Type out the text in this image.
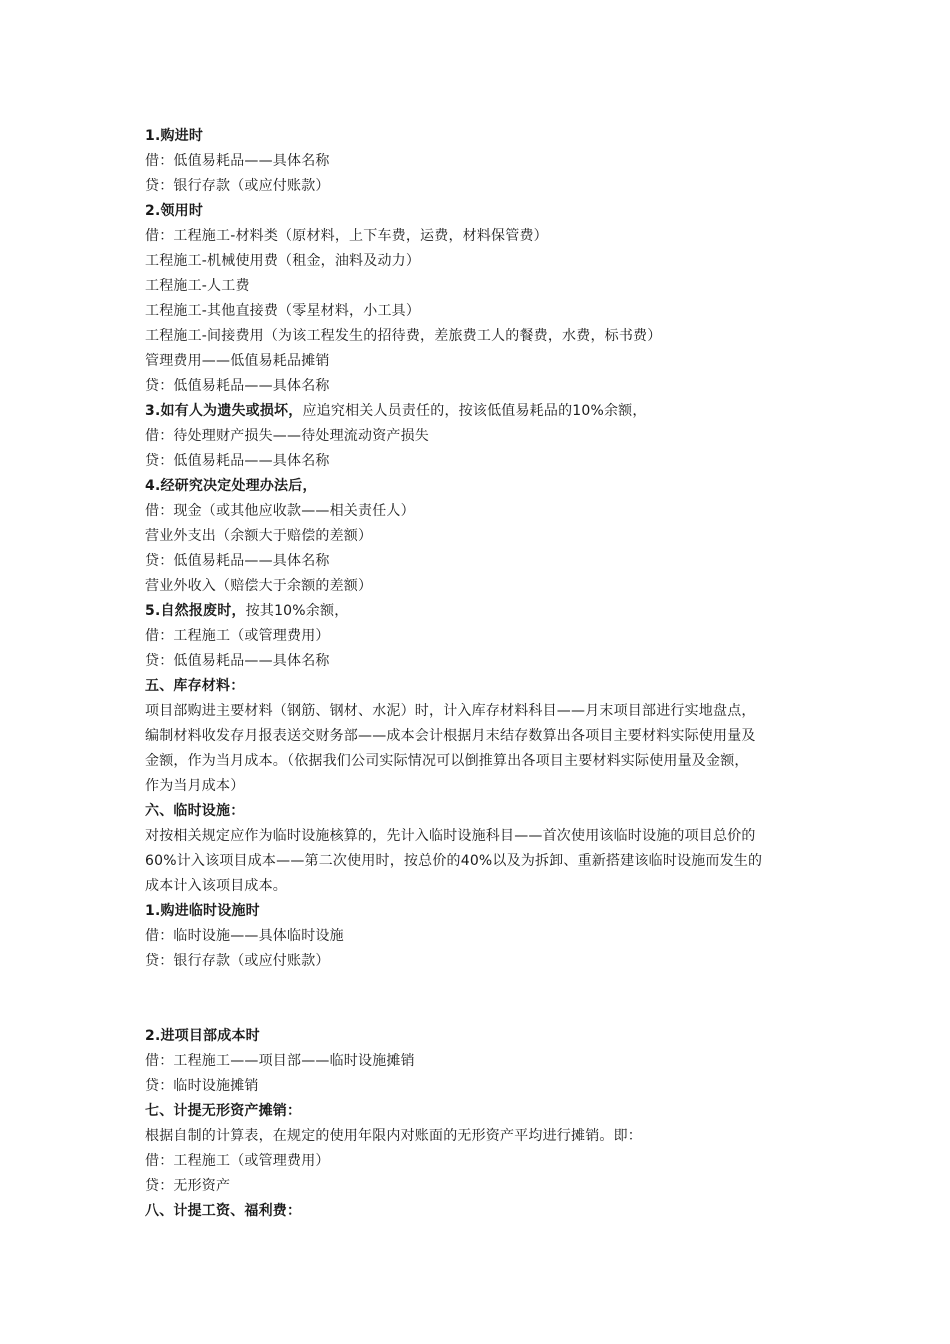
1.购进时
借：低值易耗品——具体名称
贷：银行存款（或应付账款）
2.领用时
借：工程施工-材料类（原材料，上下车费，运费，材料保管费）
工程施工-机械使用费（租金，油料及动力）
工程施工-人工费
工程施工-其他直接费（零星材料，小工具）
工程施工-间接费用（为该工程发生的招待费，差旅费工人的餐费，水费，标书费）
管理费用——低值易耗品摊销
贷：低值易耗品——具体名称
3.如有人为遗失或损坏，应追究相关人员责任的，按该低值易耗品的10%余额，
借：待处理财产损失——待处理流动资产损失
贷：低值易耗品——具体名称
4.经研究决定处理办法后，
借：现金（或其他应收款——相关责任人）
营业外支出（余额大于赔偿的差额）
贷：低值易耗品——具体名称
营业外收入（赔偿大于余额的差额）
5.自然报废时，按其10%余额，
借：工程施工（或管理费用）
贷：低值易耗品——具体名称
五、库存材料：
项目部购进主要材料（钢筋、钢材、水泥）时，计入库存材料科目——月末项目部进行实地盘点，
编制材料收发存月报表送交财务部——成本会计根据月末结存数算出各项目主要材料实际使用量及
金额，作为当月成本。（依据我们公司实际情况可以倒推算出各项目主要材料实际使用量及金额，
作为当月成本）
六、临时设施：
对按相关规定应作为临时设施核算的，先计入临时设施科目——首次使用该临时设施的项目总价的
60%计入该项目成本——第二次使用时，按总价的40%以及为拆卸、重新搭建该临时设施而发生的
成本计入该项目成本。
1.购进临时设施时
借：临时设施——具体临时设施
贷：银行存款（或应付账款）
2.进项目部成本时
借：工程施工——项目部——临时设施摊销
贷：临时设施摊销
七、计提无形资产摊销：
根据自制的计算表，在规定的使用年限内对账面的无形资产平均进行摊销。即：
借：工程施工（或管理费用）
贷：无形资产
八、计提工资、福利费：
